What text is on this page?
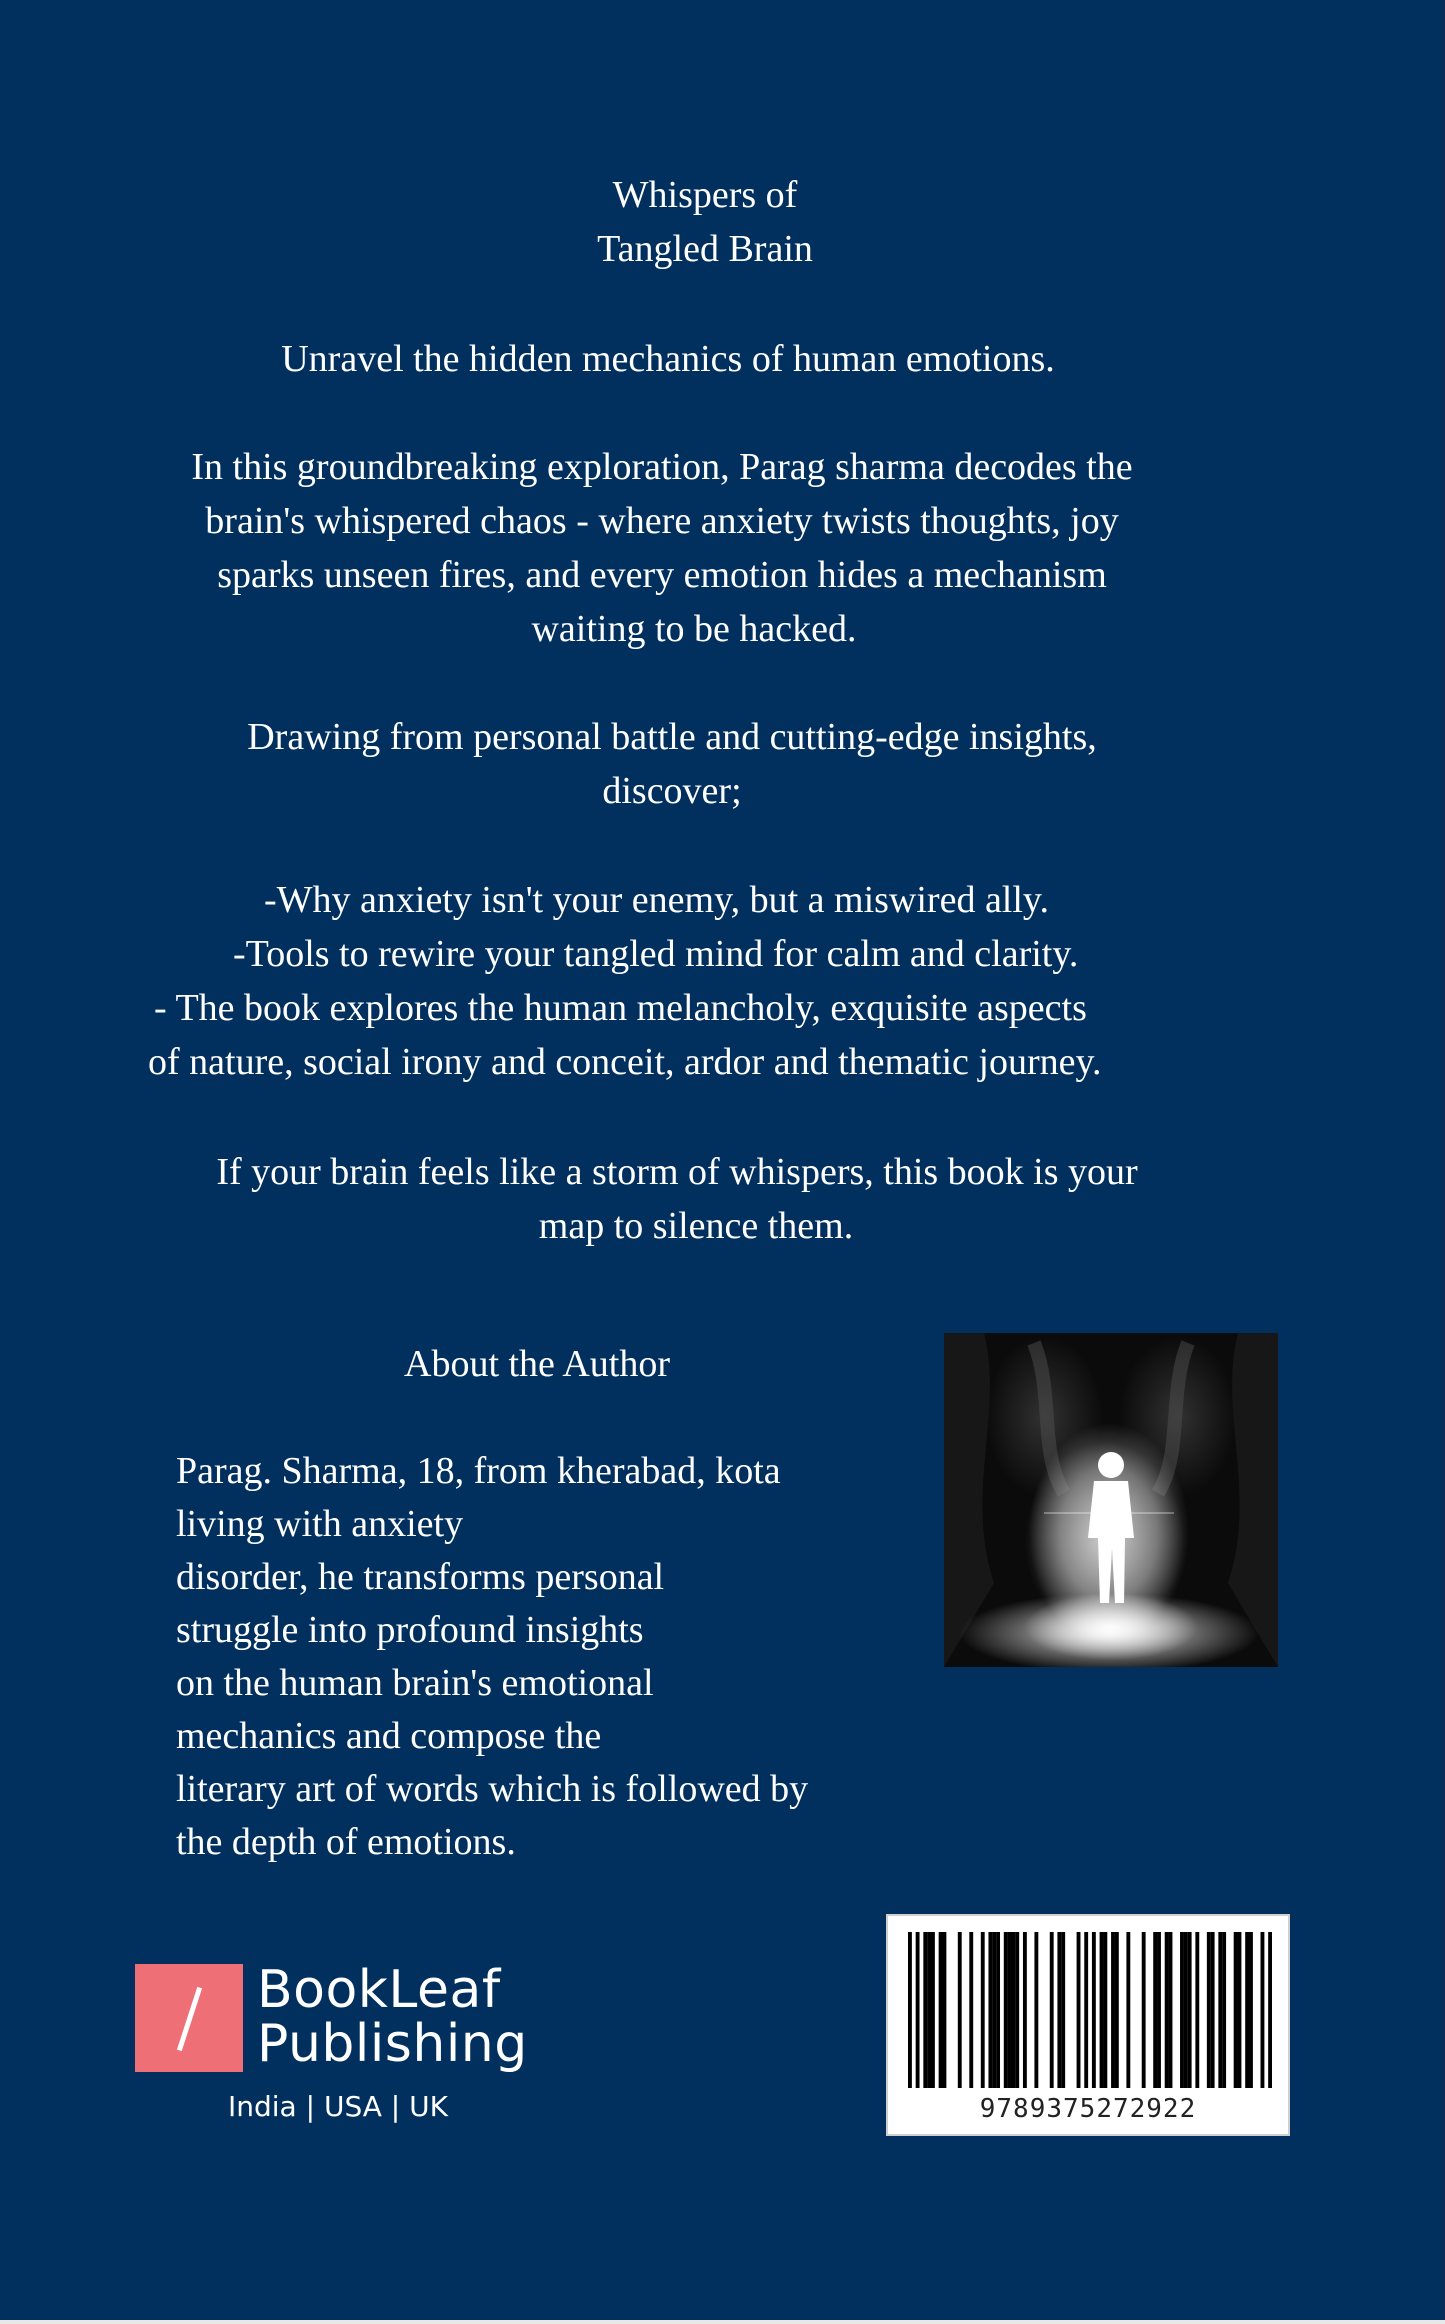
Whispers of
Tangled Brain
Unravel the hidden mechanics of human emotions.
In this groundbreaking exploration, Parag sharma decodes the
brain's whispered chaos - where anxiety twists thoughts, joy
sparks unseen fires, and every emotion hides a mechanism
waiting to be hacked.
Drawing from personal battle and cutting-edge insights,
discover;
-Why anxiety isn't your enemy, but a miswired ally.
-Tools to rewire your tangled mind for calm and clarity.
- The book explores the human melancholy, exquisite aspects
of nature, social irony and conceit, ardor and thematic journey.
If your brain feels like a storm of whispers, this book is your
map to silence them.
About the Author
Parag. Sharma, 18, from kherabad, kota
living with anxiety
disorder, he transforms personal
struggle into profound insights
on the human brain's emotional
mechanics and compose the
literary art of words which is followed by
the depth of emotions.
BookLeaf
Publishing
India | USA | UK	9789375272922
